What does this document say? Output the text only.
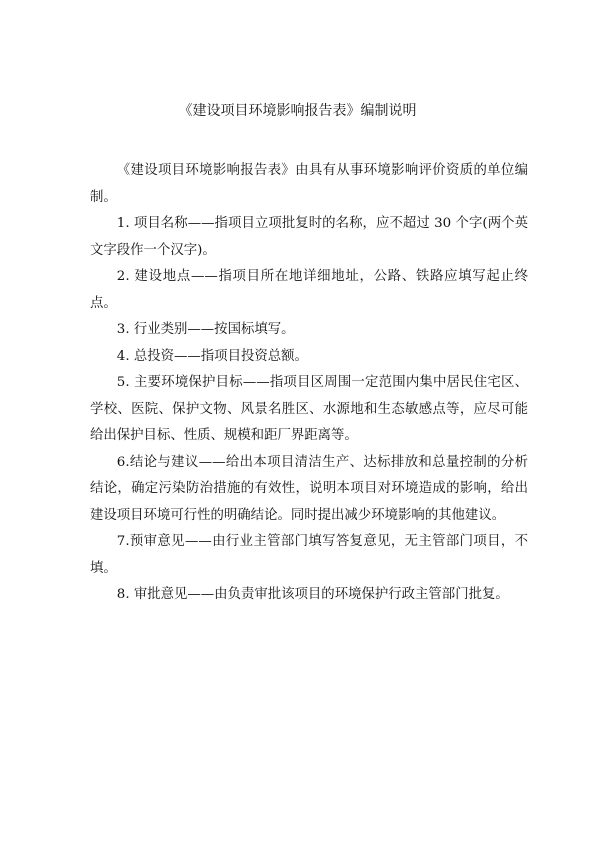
《建设项目环境影响报告表》编制说明

《建设项目环境影响报告表》由具有从事环境影响评价资质的单位编制。

1. 项目名称——指项目立项批复时的名称，应不超过 30 个字(两个英文字段作一个汉字)。

2. 建设地点——指项目所在地详细地址，公路、铁路应填写起止终点。

3. 行业类别——按国标填写。

4. 总投资——指项目投资总额。

5. 主要环境保护目标——指项目区周围一定范围内集中居民住宅区、学校、医院、保护文物、风景名胜区、水源地和生态敏感点等，应尽可能给出保护目标、性质、规模和距厂界距离等。

6.结论与建议——给出本项目清洁生产、达标排放和总量控制的分析结论，确定污染防治措施的有效性，说明本项目对环境造成的影响，给出建设项目环境可行性的明确结论。同时提出减少环境影响的其他建议。

7.预审意见——由行业主管部门填写答复意见，无主管部门项目，不填。

8. 审批意见——由负责审批该项目的环境保护行政主管部门批复。
